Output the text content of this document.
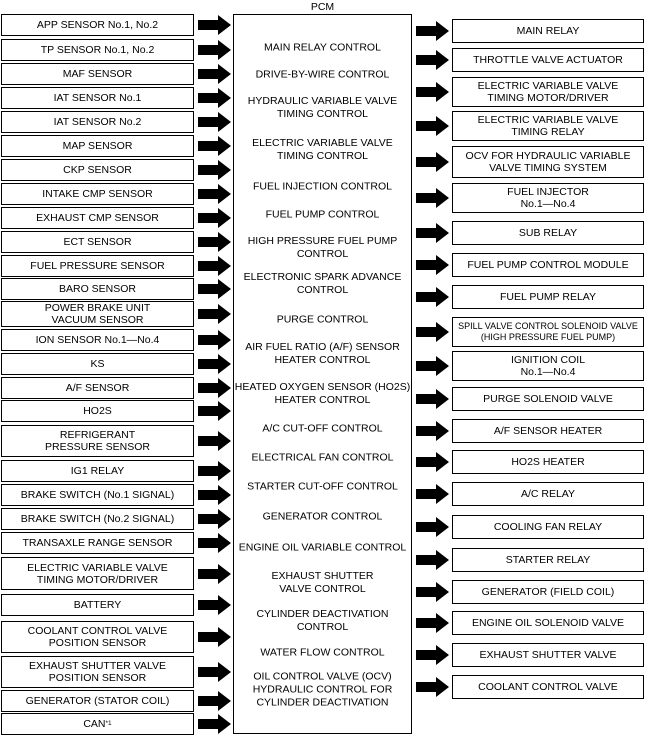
PCM
APP SENSOR No.1, No.2
TP SENSOR No.1, No.2
MAF SENSOR
IAT SENSOR No.1
IAT SENSOR No.2
MAP SENSOR
CKP SENSOR
INTAKE CMP SENSOR
EXHAUST CMP SENSOR
ECT SENSOR
FUEL PRESSURE SENSOR
BARO SENSOR
POWER BRAKE UNIT
VACUUM SENSOR
ION SENSOR No.1—No.4
KS
A/F SENSOR
HO2S
REFRIGERANT
PRESSURE SENSOR
IG1 RELAY
BRAKE SWITCH (No.1 SIGNAL)
BRAKE SWITCH (No.2 SIGNAL)
TRANSAXLE RANGE SENSOR
ELECTRIC VARIABLE VALVE
TIMING MOTOR/DRIVER
BATTERY
COOLANT CONTROL VALVE
POSITION SENSOR
EXHAUST SHUTTER VALVE
POSITION SENSOR
GENERATOR (STATOR COIL)
CAN *1
MAIN RELAY CONTROL
DRIVE-BY-WIRE CONTROL
HYDRAULIC VARIABLE VALVE
TIMING CONTROL
ELECTRIC VARIABLE VALVE
TIMING CONTROL
FUEL INJECTION CONTROL
FUEL PUMP CONTROL
HIGH PRESSURE FUEL PUMP
CONTROL
ELECTRONIC SPARK ADVANCE
CONTROL
PURGE CONTROL
AIR FUEL RATIO (A/F) SENSOR
HEATER CONTROL
HEATED OXYGEN SENSOR (HO2S)
HEATER CONTROL
A/C CUT-OFF CONTROL
ELECTRICAL FAN CONTROL
STARTER CUT-OFF CONTROL
GENERATOR CONTROL
ENGINE OIL VARIABLE CONTROL
EXHAUST SHUTTER
VALVE CONTROL
CYLINDER DEACTIVATION
CONTROL
WATER FLOW CONTROL
OIL CONTROL VALVE (OCV)
HYDRAULIC CONTROL FOR
CYLINDER DEACTIVATION
MAIN RELAY
THROTTLE VALVE ACTUATOR
ELECTRIC VARIABLE VALVE
TIMING MOTOR/DRIVER
ELECTRIC VARIABLE VALVE
TIMING RELAY
OCV FOR HYDRAULIC VARIABLE
VALVE TIMING SYSTEM
FUEL INJECTOR
No.1—No.4
SUB RELAY
FUEL PUMP CONTROL MODULE
FUEL PUMP RELAY
SPILL VALVE CONTROL SOLENOID VALVE
(HIGH PRESSURE FUEL PUMP)
IGNITION COIL
No.1—No.4
PURGE SOLENOID VALVE
A/F SENSOR HEATER
HO2S HEATER
A/C RELAY
COOLING FAN RELAY
STARTER RELAY
GENERATOR (FIELD COIL)
ENGINE OIL SOLENOID VALVE
EXHAUST SHUTTER VALVE
COOLANT CONTROL VALVE
